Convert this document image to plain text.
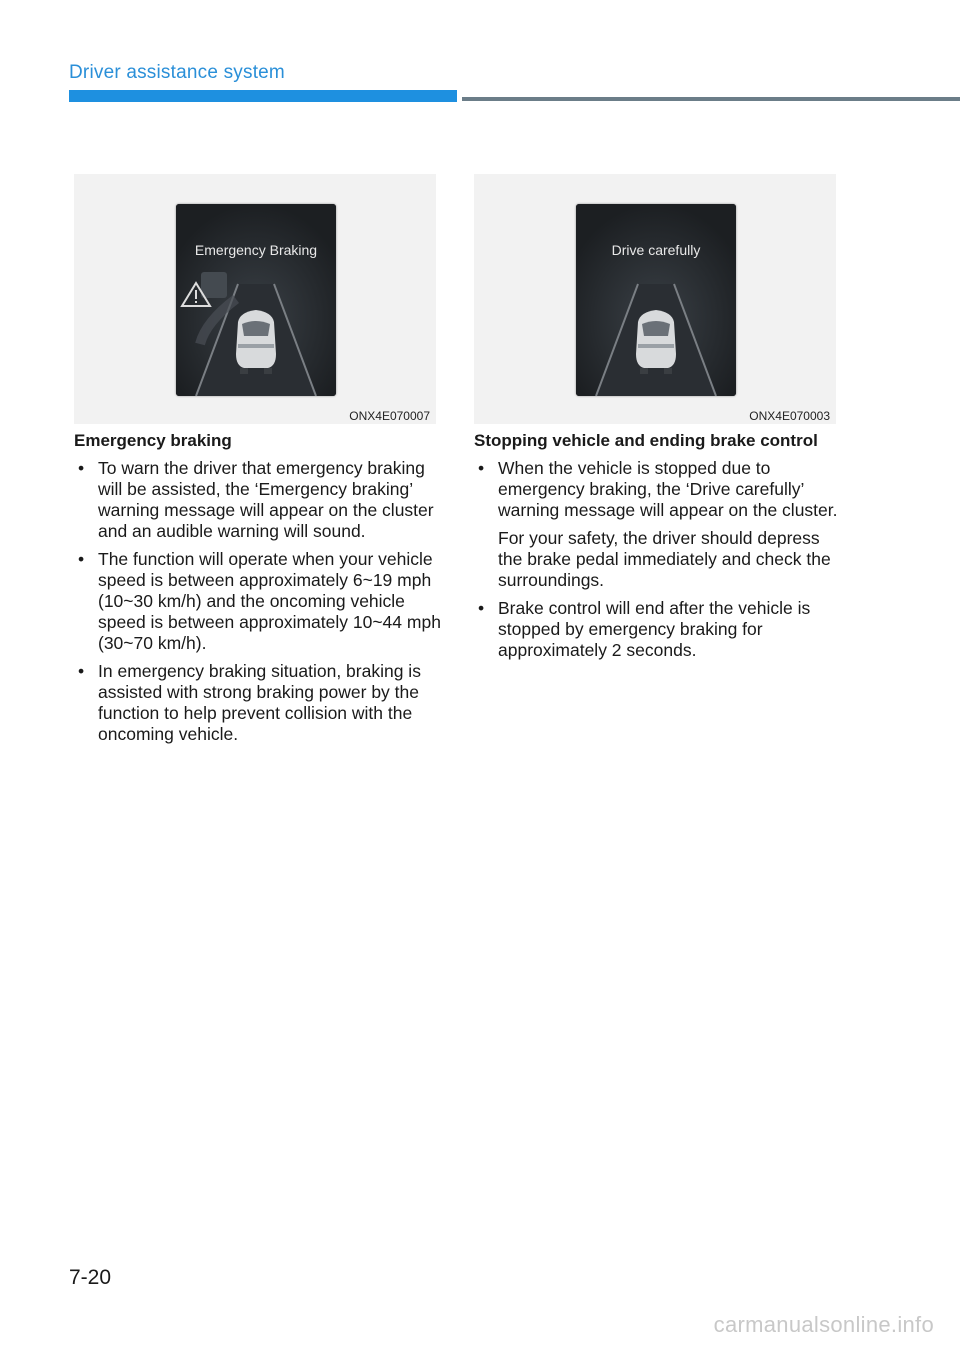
Driver assistance system
Emergency Braking
ONX4E070007
Drive carefully
ONX4E070003
Emergency braking

• To warn the driver that emergency braking will be assisted, the ‘Emergency braking’ warning message will appear on the cluster and an audible warning will sound.

• The function will operate when your vehicle speed is between approximately 6~19 mph (10~30 km/h) and the oncoming vehicle speed is between approximately 10~44 mph (30~70 km/h).

• In emergency braking situation, braking is assisted with strong braking power by the function to help prevent collision with the oncoming vehicle.

Stopping vehicle and ending brake control

• When the vehicle is stopped due to emergency braking, the ‘Drive carefully’ warning message will appear on the cluster.

For your safety, the driver should depress the brake pedal immediately and check the surroundings.

• Brake control will end after the vehicle is stopped by emergency braking for approximately 2 seconds.

7-20
carmanualsonline.info
